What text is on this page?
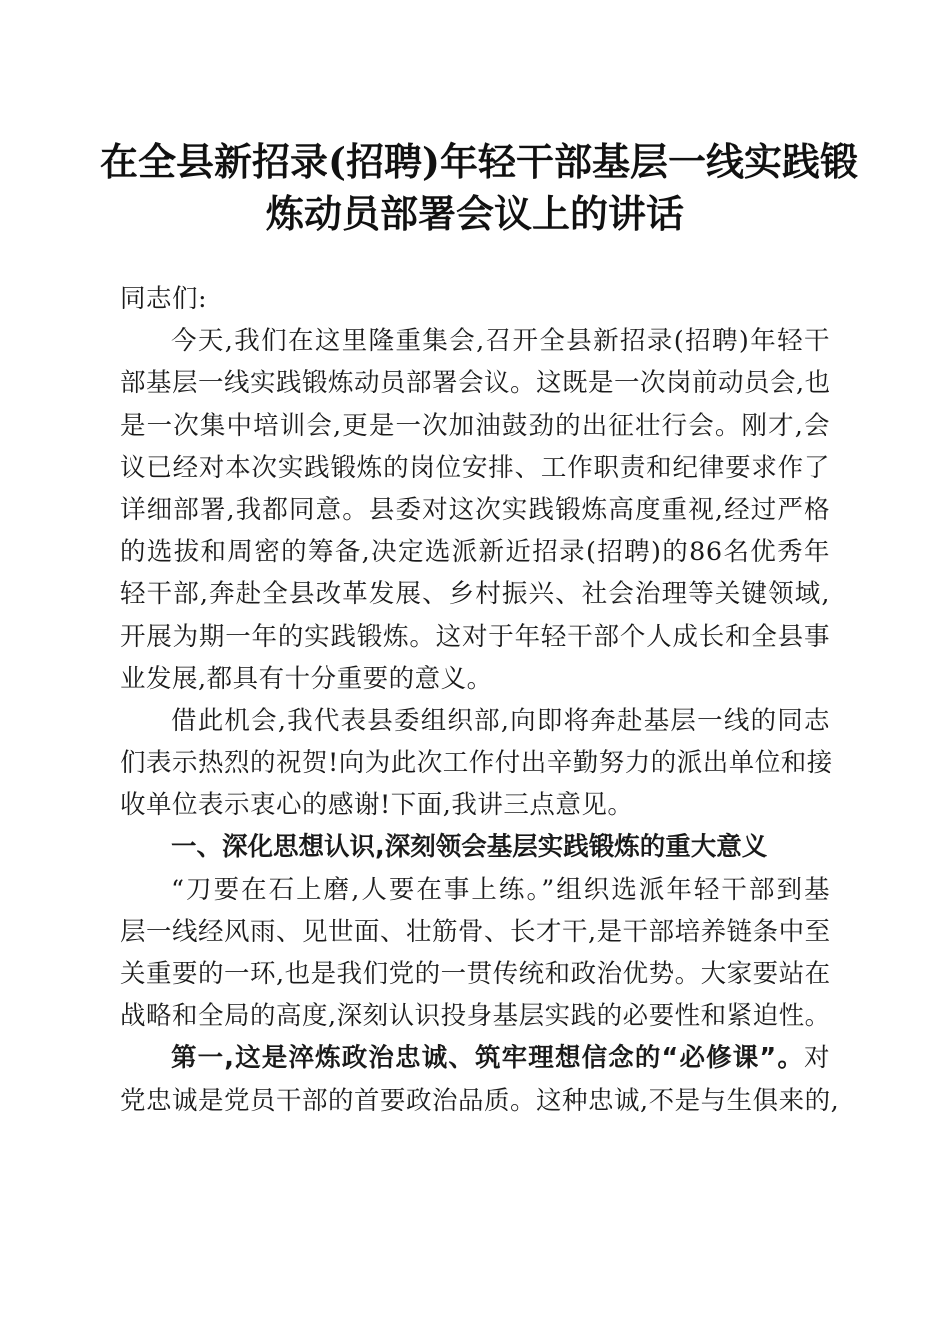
在全县新招录(招聘)年轻干部基层一线实践锻
炼动员部署会议上的讲话
同志们:
今天,我们在这里隆重集会,召开全县新招录(招聘)年轻干
部基层一线实践锻炼动员部署会议。这既是一次岗前动员会,也
是一次集中培训会,更是一次加油鼓劲的出征壮行会。刚才,会
议已经对本次实践锻炼的岗位安排、工作职责和纪律要求作了
详细部署,我都同意。县委对这次实践锻炼高度重视,经过严格
的选拔和周密的筹备,决定选派新近招录(招聘)的86名优秀年
轻干部,奔赴全县改革发展、乡村振兴、社会治理等关键领域,
开展为期一年的实践锻炼。这对于年轻干部个人成长和全县事
业发展,都具有十分重要的意义。
借此机会,我代表县委组织部,向即将奔赴基层一线的同志
们表示热烈的祝贺!向为此次工作付出辛勤努力的派出单位和接
收单位表示衷心的感谢!下面,我讲三点意见。
一、深化思想认识,深刻领会基层实践锻炼的重大意义
“刀要在石上磨,人要在事上练。”组织选派年轻干部到基
层一线经风雨、见世面、壮筋骨、长才干,是干部培养链条中至
关重要的一环,也是我们党的一贯传统和政治优势。大家要站在
战略和全局的高度,深刻认识投身基层实践的必要性和紧迫性。
第一,这是淬炼政治忠诚、筑牢理想信念的“必修课”。对
党忠诚是党员干部的首要政治品质。这种忠诚,不是与生俱来的,
